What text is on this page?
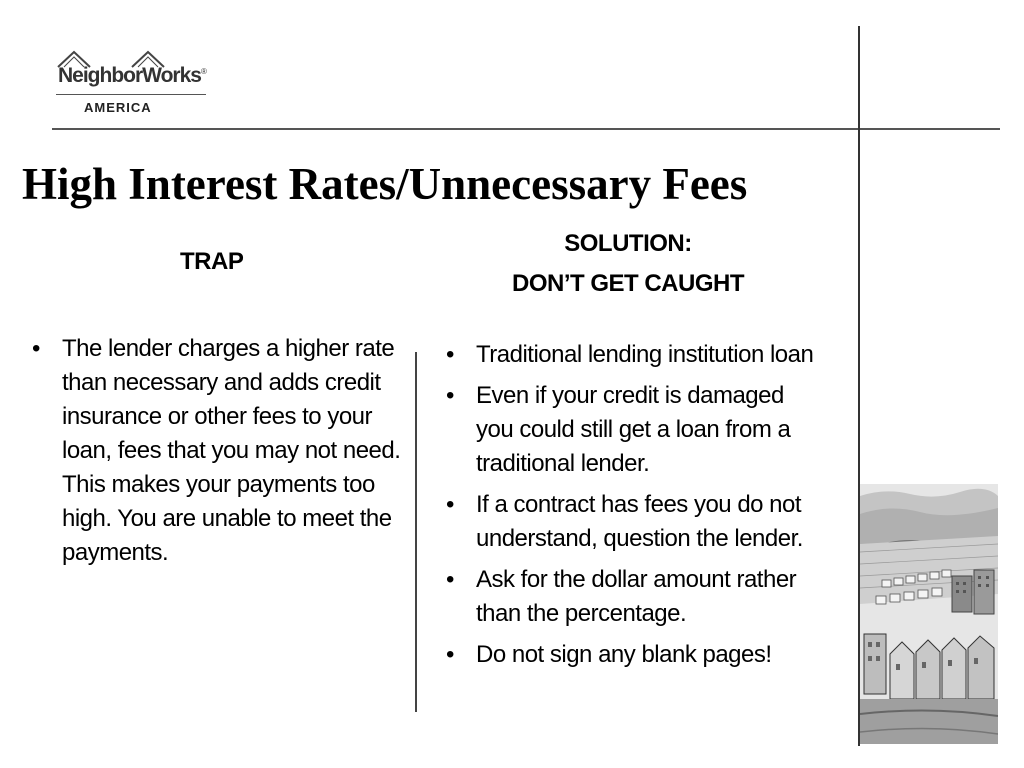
NeighborWorks®
AMERICA
High Interest Rates/Unnecessary Fees
TRAP
SOLUTION:
DON’T GET CAUGHT
• The lender charges a higher rate than necessary and adds credit insurance or other fees to your loan, fees that you may not need. This makes your payments too high. You are unable to meet the payments.
• Traditional lending institution loan
• Even if your credit is damaged you could still get a loan from a traditional lender.
• If a contract has fees you do not understand, question the lender.
• Ask for the dollar amount rather than the percentage.
• Do not sign any blank pages!
